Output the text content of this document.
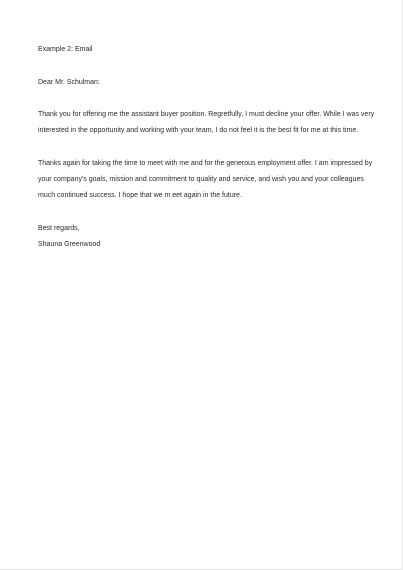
Example 2: Email

Dear Mr. Schulman:

Thank you for offering me the assistant buyer position. Regretfully, I must decline your offer. While I was very

interested in the opportunity and working with your team, I do not feel it is the best fit for me at this time.

Thanks again for taking the time to meet with me and for the generous employment offer. I am impressed by

your company's goals, mission and commitment to quality and service, and wish you and your colleagues

much continued success. I hope that we m eet again in the future.

Best regards,

Shauna Greenwood
